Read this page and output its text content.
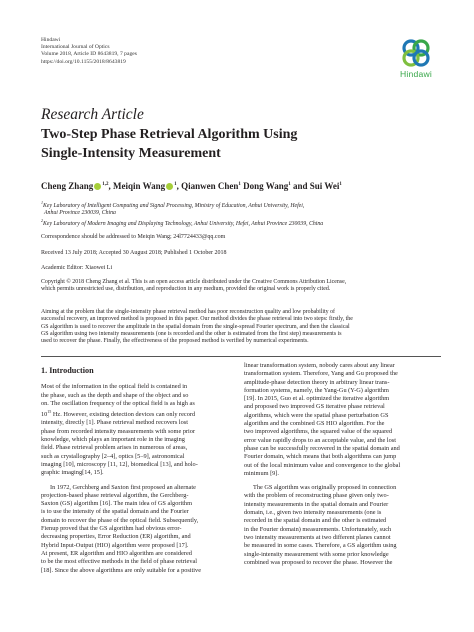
Hindawi
International Journal of Optics
Volume 2018, Article ID 8643819, 7 pages
https://doi.org/10.1155/2018/8643819
Hindawi
Research Article
Two-Step Phase Retrieval Algorithm Using
Single-Intensity Measurement
Cheng Zhang $^{1,2}$, Meiqin Wang $^1$, Qianwen Chen$^1$ Dong Wang$^1$ and Sui Wei$^1$
$^1$Key Laboratory of Intelligent Computing and Signal Processing, Ministry of Education, Anhui University, Hefei,
Anhui Province 230039, China
$^2$Key Laboratory of Modern Imaging and Displaying Technology, Anhui University, Hefei, Anhui Province 230039, China
Correspondence should be addressed to Meiqin Wang; 24l7724433@qq.com
Received 13 July 2018; Accepted 30 August 2018; Published 1 October 2018
Academic Editor: Xiaowei Li
Copyright © 2018 Cheng Zhang et al. This is an open access article distributed under the Creative Commons Attribution License,
which permits unrestricted use, distribution, and reproduction in any medium, provided the original work is properly cited.
Aiming at the problem that the single-intensity phase retrieval method has poor reconstruction quality and low probability of
successful recovery, an improved method is proposed in this paper. Our method divides the phase retrieval into two steps: firstly, the
GS algorithm is used to recover the amplitude in the spatial domain from the single-spread Fourier spectrum, and then the classical
GS algorithm using two intensity measurements (one is recorded and the other is estimated from the first step) measurements is
used to recover the phase. Finally, the effectiveness of the proposed method is verified by numerical experiments.
1. Introduction
Most of the information in the optical field is contained in
the phase, such as the depth and shape of the object and so
on. The oscillation frequency of the optical field is as high as
$10^{15}$ Hz. However, existing detection devices can only record
intensity, directly [1]. Phase retrieval method recovers lost
phase from recorded intensity measurements with some prior
knowledge, which plays an important role in the imaging
field. Phase retrieval problem arises in numerous of areas,
such as crystallography [2–4], optics [5–9], astronomical
imaging [10], microscopy [11, 12], biomedical [13], and holo-
graphic imaging[14, 15].
In 1972, Gerchberg and Saxton first proposed an alternate
projection-based phase retrieval algorithm, the Gerchberg-
Saxton (GS) algorithm [16]. The main idea of GS algorithm
is to use the intensity of the spatial domain and the Fourier
domain to recover the phase of the optical field. Subsequently,
Fienup proved that the GS algorithm had obvious error-
decreasing properties, Error Reduction (ER) algorithm, and
Hybrid Input-Output (HIO) algorithm were proposed [17].
At present, ER algorithm and HIO algorithm are considered
to be the most effective methods in the field of phase retrieval
[18]. Since the above algorithms are only suitable for a positive
linear transformation system, nobody cares about any linear
transformation system. Therefore, Yang and Gu proposed the
amplitude-phase detection theory in arbitrary linear trans-
formation systems, namely, the Yang-Gu (Y-G) algorithm
[19]. In 2015, Guo et al. optimized the iterative algorithm
and proposed two improved GS iterative phase retrieval
algorithms, which were the spatial phase perturbation GS
algorithm and the combined GS HIO algorithm. For the
two improved algorithms, the squared value of the squared
error value rapidly drops to an acceptable value, and the lost
phase can be successfully recovered in the spatial domain and
Fourier domain, which means that both algorithms can jump
out of the local minimum value and convergence to the global
minimum [9].
The GS algorithm was originally proposed in connection
with the problem of reconstructing phase given only two-
intensity measurements in the spatial domain and Fourier
domain, i.e., given two intensity measurements (one is
recorded in the spatial domain and the other is estimated
in the Fourier domain) measurements. Unfortunately, such
two intensity measurements at two different planes cannot
be measured in some cases. Therefore, a GS algorithm using
single-intensity measurement with some prior knowledge
combined was proposed to recover the phase. However the
